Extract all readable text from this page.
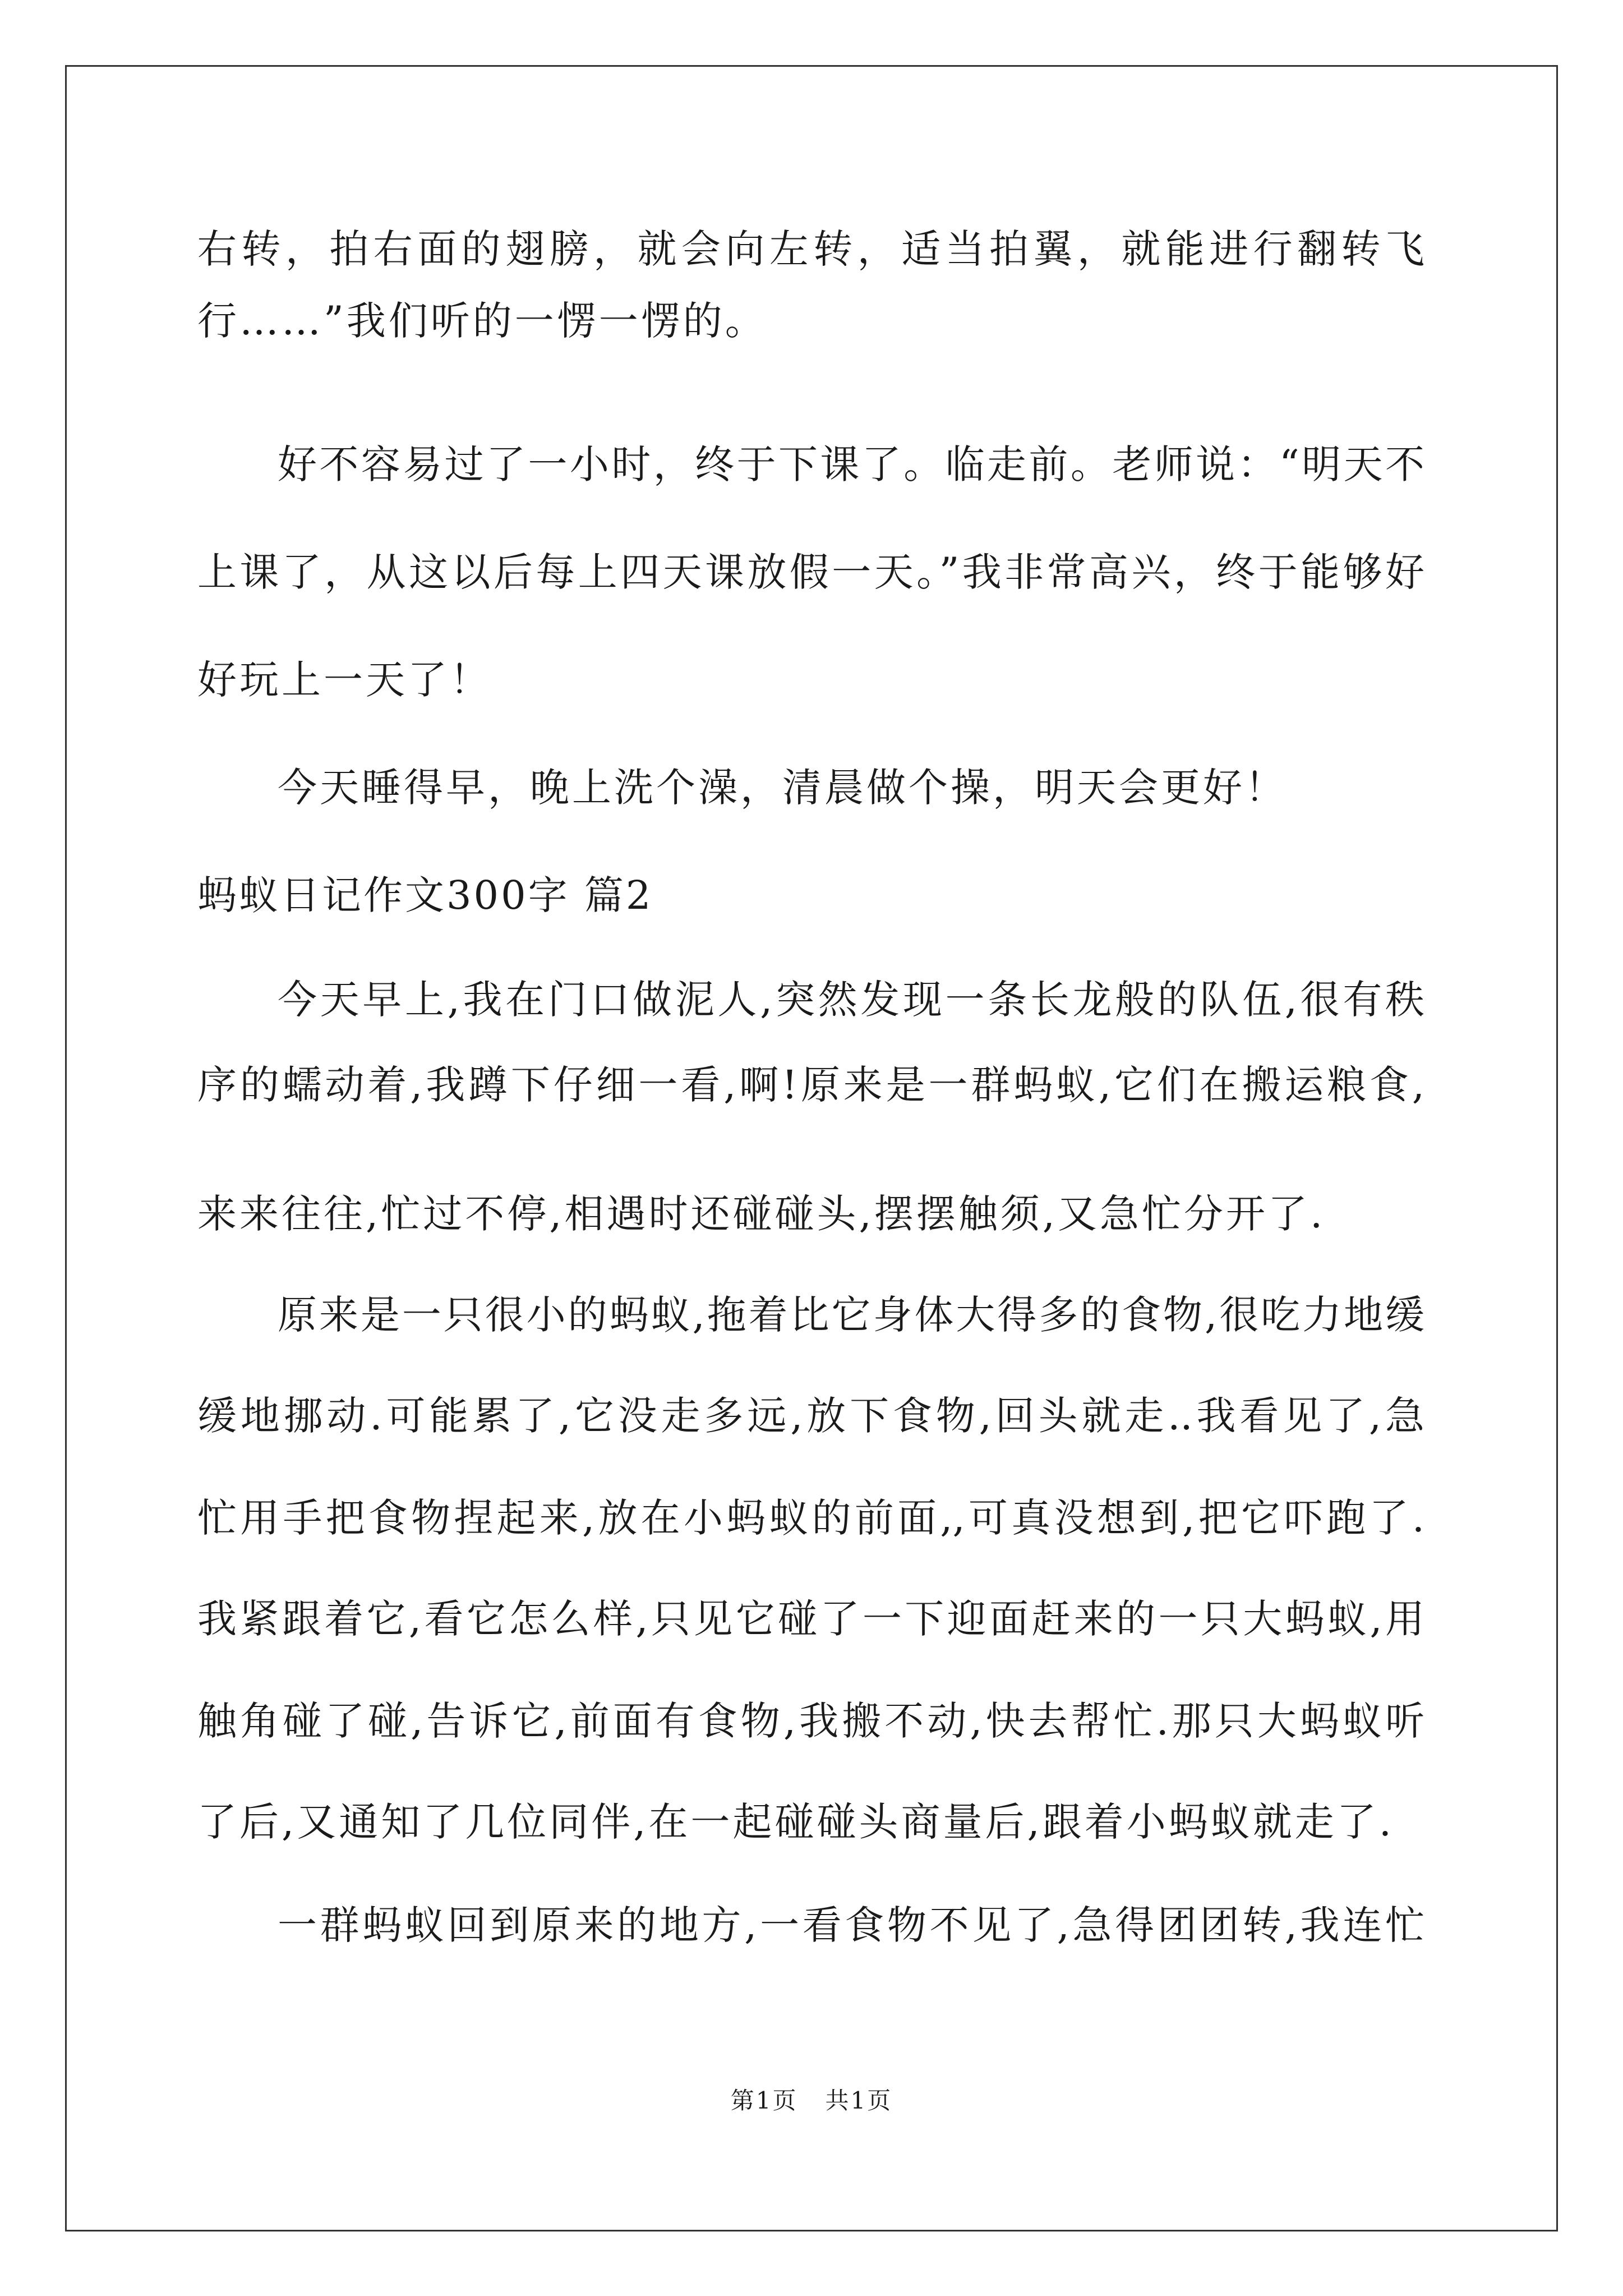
右转，拍右面的翅膀，就会向左转，适当拍翼，就能进行翻转飞
行……”我们听的一愣一愣的。
好不容易过了一小时，终于下课了。临走前。老师说：“明天不
上课了，从这以后每上四天课放假一天。”我非常高兴，终于能够好
好玩上一天了！
今天睡得早，晚上洗个澡，清晨做个操，明天会更好！
蚂蚁日记作文300字 篇2
今天早上,我在门口做泥人,突然发现一条长龙般的队伍,很有秩
序的蠕动着,我蹲下仔细一看,啊!原来是一群蚂蚁,它们在搬运粮食,
来来往往,忙过不停,相遇时还碰碰头,摆摆触须,又急忙分开了.
原来是一只很小的蚂蚁,拖着比它身体大得多的食物,很吃力地缓
缓地挪动.可能累了,它没走多远,放下食物,回头就走..我看见了,急
忙用手把食物捏起来,放在小蚂蚁的前面,,可真没想到,把它吓跑了.
我紧跟着它,看它怎么样,只见它碰了一下迎面赶来的一只大蚂蚁,用
触角碰了碰,告诉它,前面有食物,我搬不动,快去帮忙.那只大蚂蚁听
了后,又通知了几位同伴,在一起碰碰头商量后,跟着小蚂蚁就走了.
一群蚂蚁回到原来的地方,一看食物不见了,急得团团转,我连忙
第1页   共1页
